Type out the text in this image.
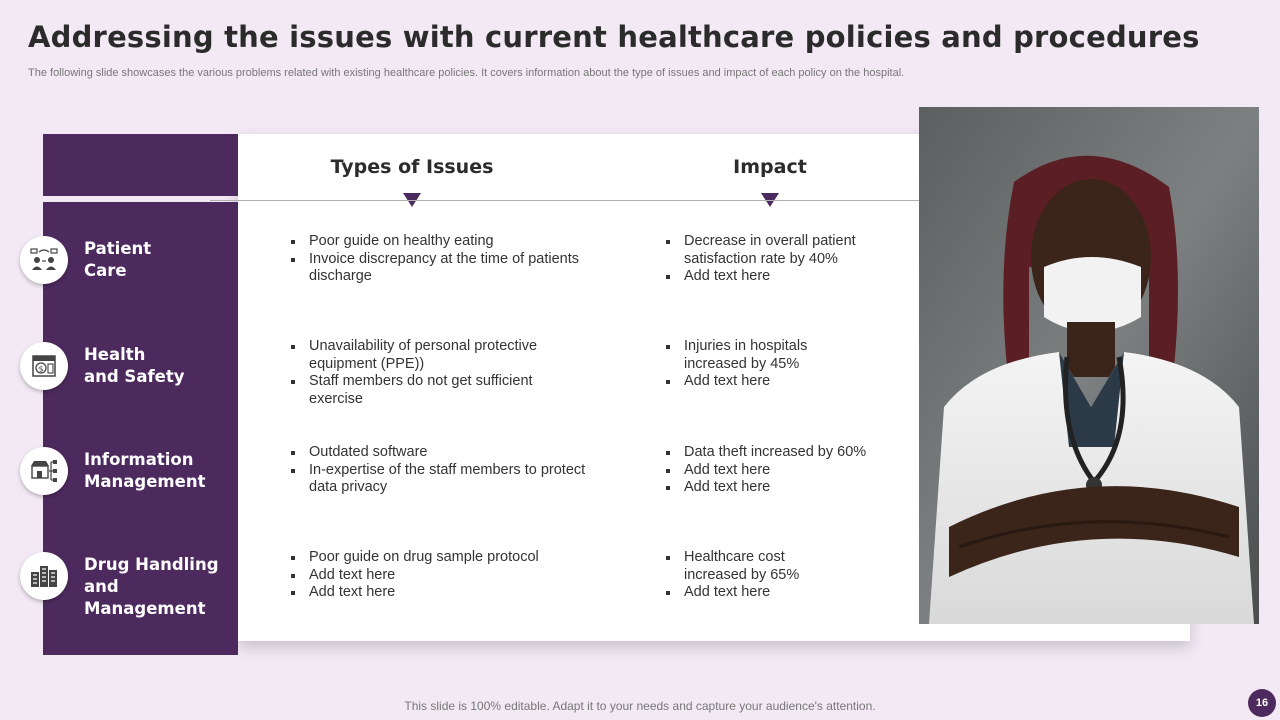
Addressing the issues with current healthcare policies and procedures
The following slide showcases the various problems related with existing healthcare policies. It covers information about the type of issues and impact of each policy on the hospital.
Types of Issues	Impact
Patient
Care
Poor guide on healthy eating
Invoice discrepancy at the time of patients discharge
Decrease in overall patient satisfaction rate by 40%
Add text here
$
Health
and Safety
Unavailability of personal protective equipment (PPE))
Staff members do not get sufficient exercise
Injuries in hospitals increased by 45%
Add text here
Information
Management
Outdated software
In-expertise of the staff members to protect data privacy
Data theft increased by 60%
Add text here
Add text here
Drug Handling
and Management
Poor guide on drug sample protocol
Add text here
Add text here
Healthcare cost increased by 65%
Add text here
This slide is 100% editable. Adapt it to your needs and capture your audience's attention.	16
